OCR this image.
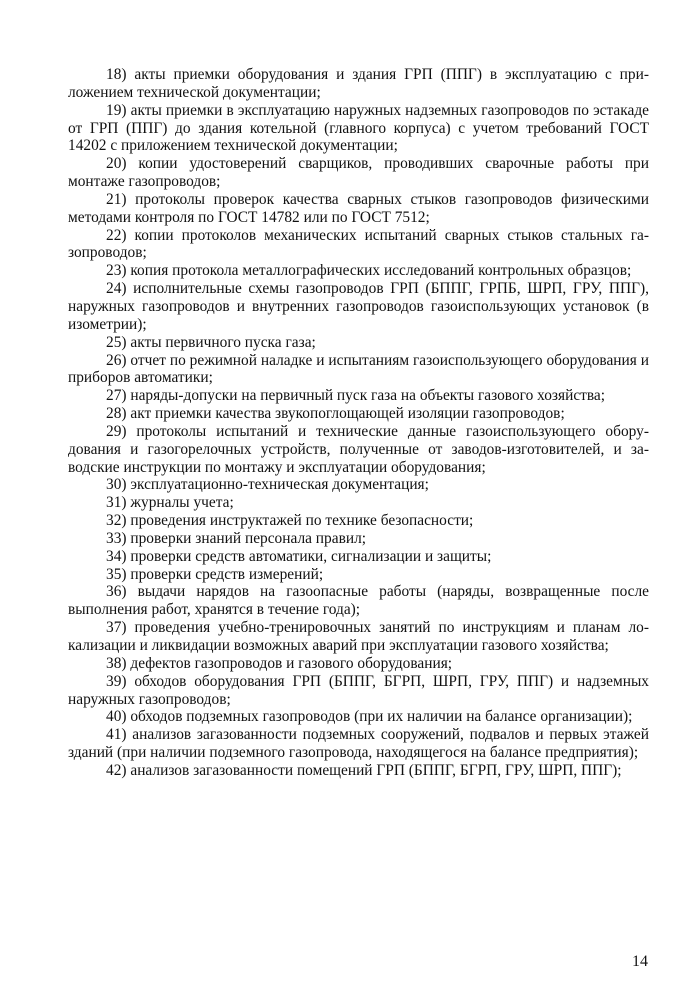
18) акты приемки оборудования и здания ГРП (ППГ) в эксплуатацию с приложением технической документации;

19) акты приемки в эксплуатацию наружных надземных газопроводов по эстакаде от ГРП (ППГ) до здания котельной (главного корпуса) с учетом требований ГОСТ 14202 с приложением технической документации;

20) копии удостоверений сварщиков, проводивших сварочные работы при монтаже газопроводов;

21) протоколы проверок качества сварных стыков газопроводов физическими методами контроля по ГОСТ 14782 или по ГОСТ 7512;

22) копии протоколов механических испытаний сварных стыков стальных газопроводов;

23) копия протокола металлографических исследований контрольных образцов;

24) исполнительные схемы газопроводов ГРП (БППГ, ГРПБ, ШРП, ГРУ, ППГ), наружных газопроводов и внутренних газопроводов газоиспользующих установок (в изометрии);

25) акты первичного пуска газа;

26) отчет по режимной наладке и испытаниям газоиспользующего оборудования и приборов автоматики;

27) наряды-допуски на первичный пуск газа на объекты газового хозяйства;

28) акт приемки качества звукопоглощающей изоляции газопроводов;

29) протоколы испытаний и технические данные газоиспользующего оборудования и газогорелочных устройств, полученные от заводов-изготовителей, и заводские инструкции по монтажу и эксплуатации оборудования;

30) эксплуатационно-техническая документация;

31) журналы учета;

32) проведения инструктажей по технике безопасности;

33) проверки знаний персонала правил;

34) проверки средств автоматики, сигнализации и защиты;

35) проверки средств измерений;

36) выдачи нарядов на газоопасные работы (наряды, возвращенные после выполнения работ, хранятся в течение года);

37) проведения учебно-тренировочных занятий по инструкциям и планам локализации и ликвидации возможных аварий при эксплуатации газового хозяйства;

38) дефектов газопроводов и газового оборудования;

39) обходов оборудования ГРП (БППГ, БГРП, ШРП, ГРУ, ППГ) и надземных наружных газопроводов;

40) обходов подземных газопроводов (при их наличии на балансе организации);

41) анализов загазованности подземных сооружений, подвалов и первых этажей зданий (при наличии подземного газопровода, находящегося на балансе предприятия);

42) анализов загазованности помещений ГРП (БППГ, БГРП, ГРУ, ШРП, ППГ);

14
